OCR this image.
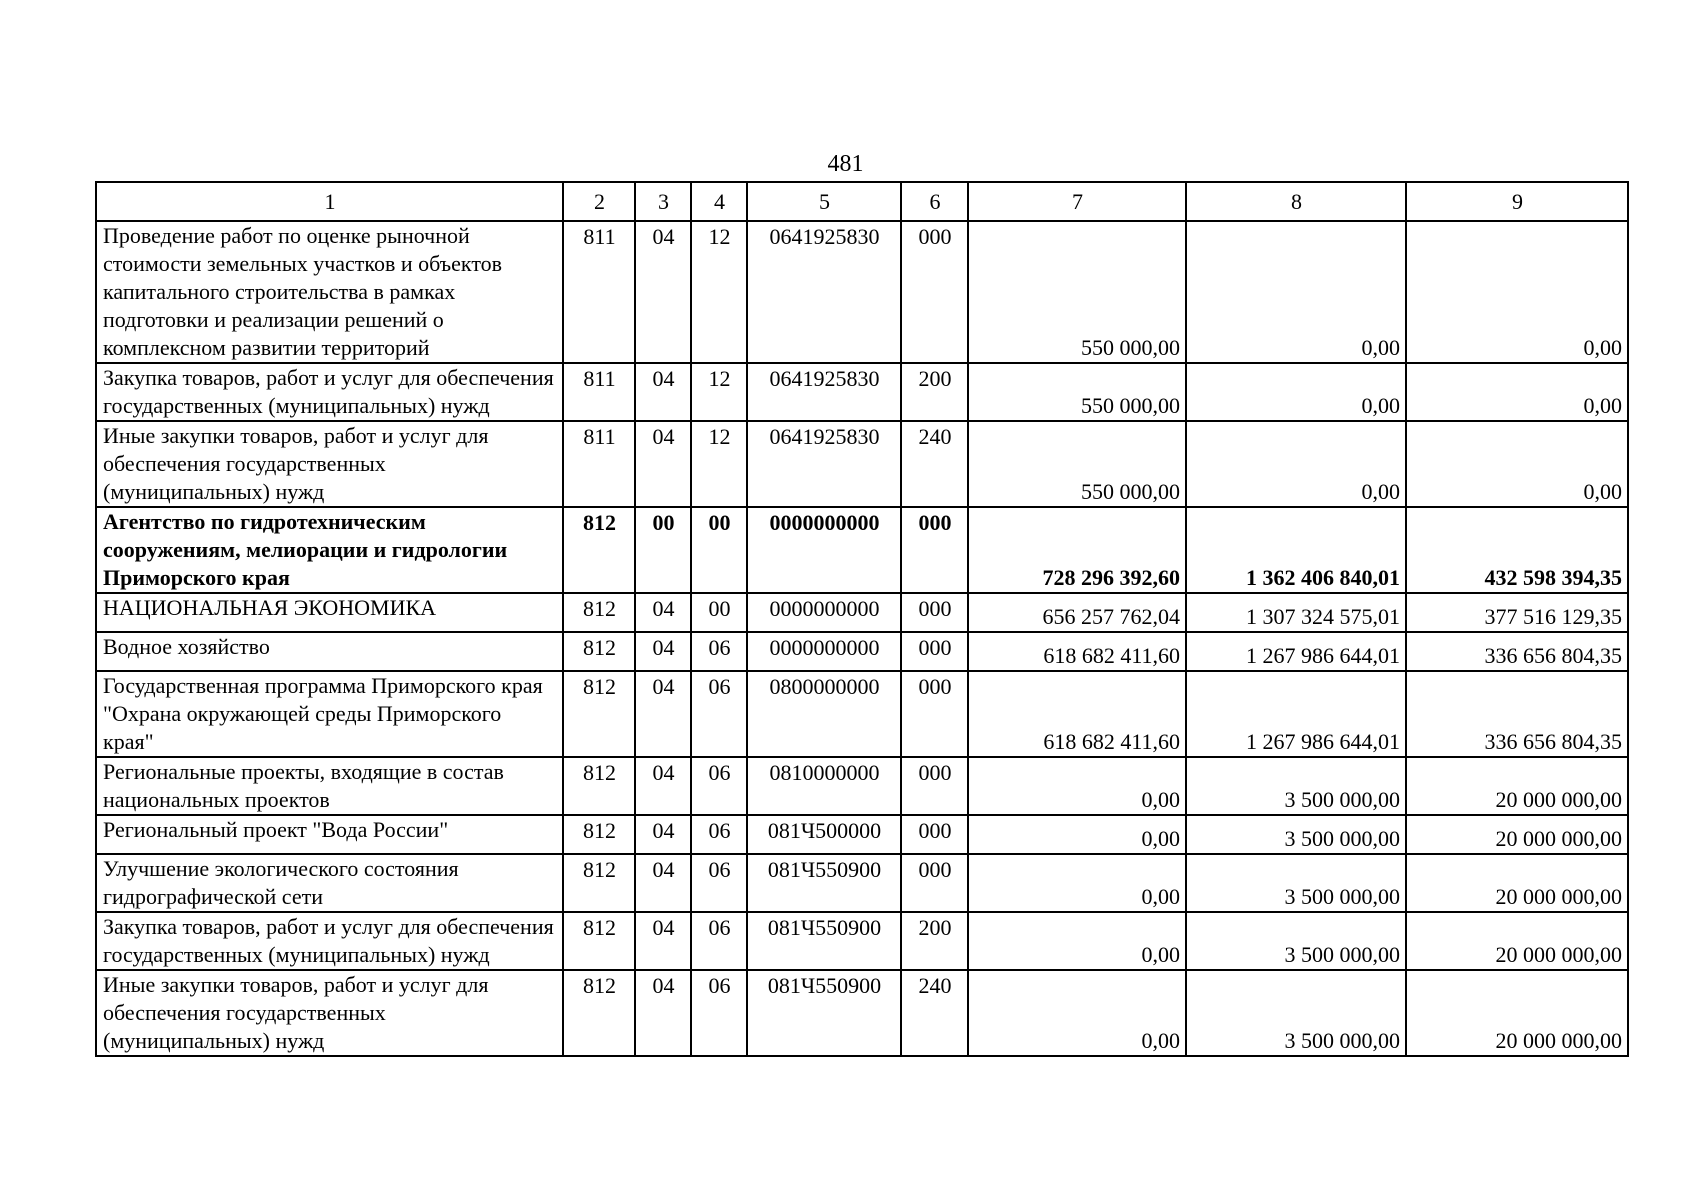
481
1	2	3	4	5	6	7	8	9
Проведение работ по оценке рыночной стоимости земельных участков и объектов капитального строительства в рамках подготовки и реализации решений о комплексном развитии территорий	811	04	12	0641925830	000	550 000,00	0,00	0,00
Закупка товаров, работ и услуг для обеспечения государственных (муниципальных) нужд	811	04	12	0641925830	200	550 000,00	0,00	0,00
Иные закупки товаров, работ и услуг для обеспечения государственных (муниципальных) нужд	811	04	12	0641925830	240	550 000,00	0,00	0,00
Агентство по гидротехническим сооружениям, мелиорации и гидрологии Приморского края	812	00	00	0000000000	000	728 296 392,60	1 362 406 840,01	432 598 394,35
НАЦИОНАЛЬНАЯ ЭКОНОМИКА	812	04	00	0000000000	000	656 257 762,04	1 307 324 575,01	377 516 129,35
Водное хозяйство	812	04	06	0000000000	000	618 682 411,60	1 267 986 644,01	336 656 804,35
Государственная программа Приморского края "Охрана окружающей среды Приморского края"	812	04	06	0800000000	000	618 682 411,60	1 267 986 644,01	336 656 804,35
Региональные проекты, входящие в состав национальных проектов	812	04	06	0810000000	000	0,00	3 500 000,00	20 000 000,00
Региональный проект "Вода России"	812	04	06	081Ч500000	000	0,00	3 500 000,00	20 000 000,00
Улучшение экологического состояния гидрографической сети	812	04	06	081Ч550900	000	0,00	3 500 000,00	20 000 000,00
Закупка товаров, работ и услуг для обеспечения государственных (муниципальных) нужд	812	04	06	081Ч550900	200	0,00	3 500 000,00	20 000 000,00
Иные закупки товаров, работ и услуг для обеспечения государственных (муниципальных) нужд	812	04	06	081Ч550900	240	0,00	3 500 000,00	20 000 000,00
